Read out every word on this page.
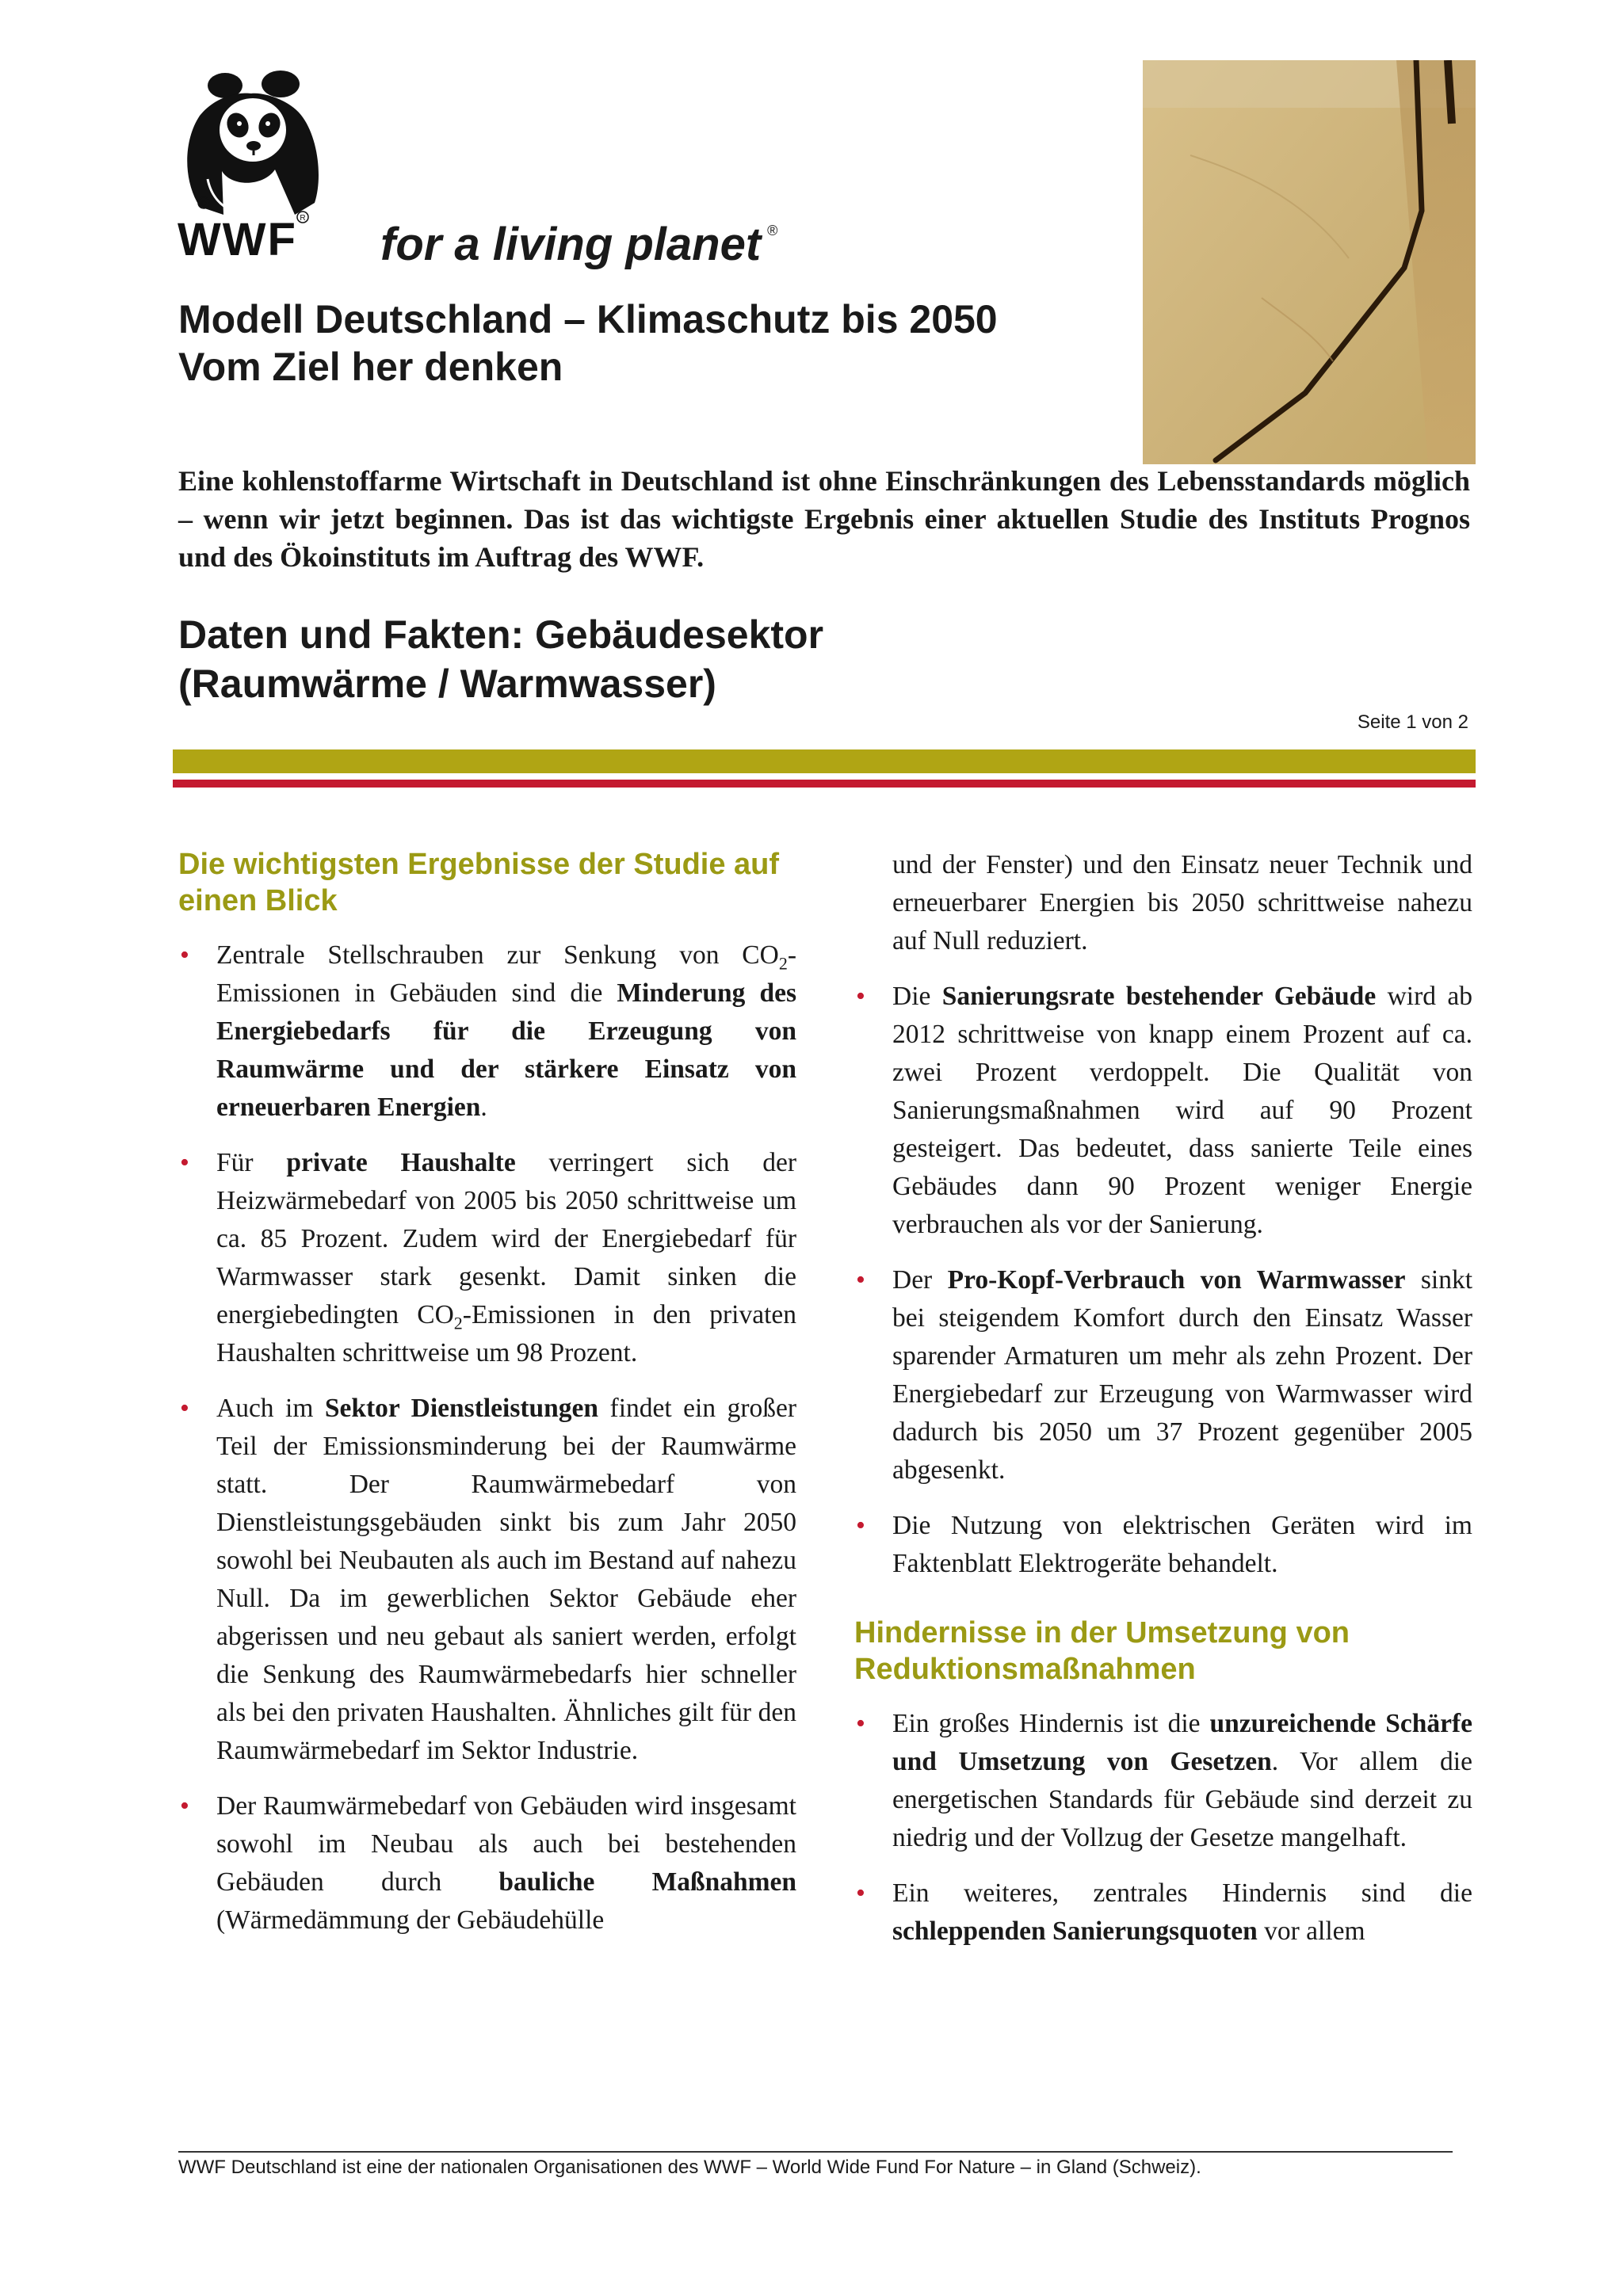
©
R
WWF for a living planet ®
Modell Deutschland – Klimaschutz bis 2050
Vom Ziel her denken
Eine kohlenstoffarme Wirtschaft in Deutschland ist ohne Einschränkungen des Lebensstandards möglich – wenn wir jetzt beginnen. Das ist das wichtigste Ergebnis einer aktuellen Studie des Instituts Prognos und des Ökoinstituts im Auftrag des WWF.
Daten und Fakten: Gebäudesektor
(Raumwärme / Warmwasser)
Seite 1 von 2
Die wichtigsten Ergebnisse der Studie auf einen Blick
• Zentrale Stellschrauben zur Senkung von $CO_2$-Emissionen in Gebäuden sind die Minderung des Energiebedarfs für die Erzeugung von Raumwärme und der stärkere Einsatz von erneuerbaren Energien.
• Für private Haushalte verringert sich der Heizwärmebedarf von 2005 bis 2050 schrittweise um ca. 85 Prozent. Zudem wird der Energiebedarf für Warmwasser stark gesenkt. Damit sinken die energiebedingten $CO_2$-Emissionen in den privaten Haushalten schrittweise um 98 Prozent.
• Auch im Sektor Dienstleistungen findet ein großer Teil der Emissionsminderung bei der Raumwärme statt. Der Raumwärmebedarf von Dienstleistungsgebäuden sinkt bis zum Jahr 2050 sowohl bei Neubauten als auch im Bestand auf nahezu Null. Da im gewerblichen Sektor Gebäude eher abgerissen und neu gebaut als saniert werden, erfolgt die Senkung des Raumwärmebedarfs hier schneller als bei den privaten Haushalten. Ähnliches gilt für den Raumwärmebedarf im Sektor Industrie.
• Der Raumwärmebedarf von Gebäuden wird insgesamt sowohl im Neubau als auch bei bestehenden Gebäuden durch bauliche Maßnahmen (Wärmedämmung der Gebäudehülle

und der Fenster) und den Einsatz neuer Technik und erneuerbarer Energien bis 2050 schrittweise nahezu auf Null reduziert.

• Die Sanierungsrate bestehender Gebäude wird ab 2012 schrittweise von knapp einem Prozent auf ca. zwei Prozent verdoppelt. Die Qualität von Sanierungsmaßnahmen wird auf 90 Prozent gesteigert. Das bedeutet, dass sanierte Teile eines Gebäudes dann 90 Prozent weniger Energie verbrauchen als vor der Sanierung.
• Der Pro-Kopf-Verbrauch von Warmwasser sinkt bei steigendem Komfort durch den Einsatz Wasser sparender Armaturen um mehr als zehn Prozent. Der Energiebedarf zur Erzeugung von Warmwasser wird dadurch bis 2050 um 37 Prozent gegenüber 2005 abgesenkt.
• Die Nutzung von elektrischen Geräten wird im Faktenblatt Elektrogeräte behandelt.
Hindernisse in der Umsetzung von Reduktionsmaßnahmen
• Ein großes Hindernis ist die unzureichende Schärfe und Umsetzung von Gesetzen. Vor allem die energetischen Standards für Gebäude sind derzeit zu niedrig und der Vollzug der Gesetze mangelhaft.
• Ein weiteres, zentrales Hindernis sind die schleppenden Sanierungsquoten vor allem
WWF Deutschland ist eine der nationalen Organisationen des WWF – World Wide Fund For Nature – in Gland (Schweiz).
